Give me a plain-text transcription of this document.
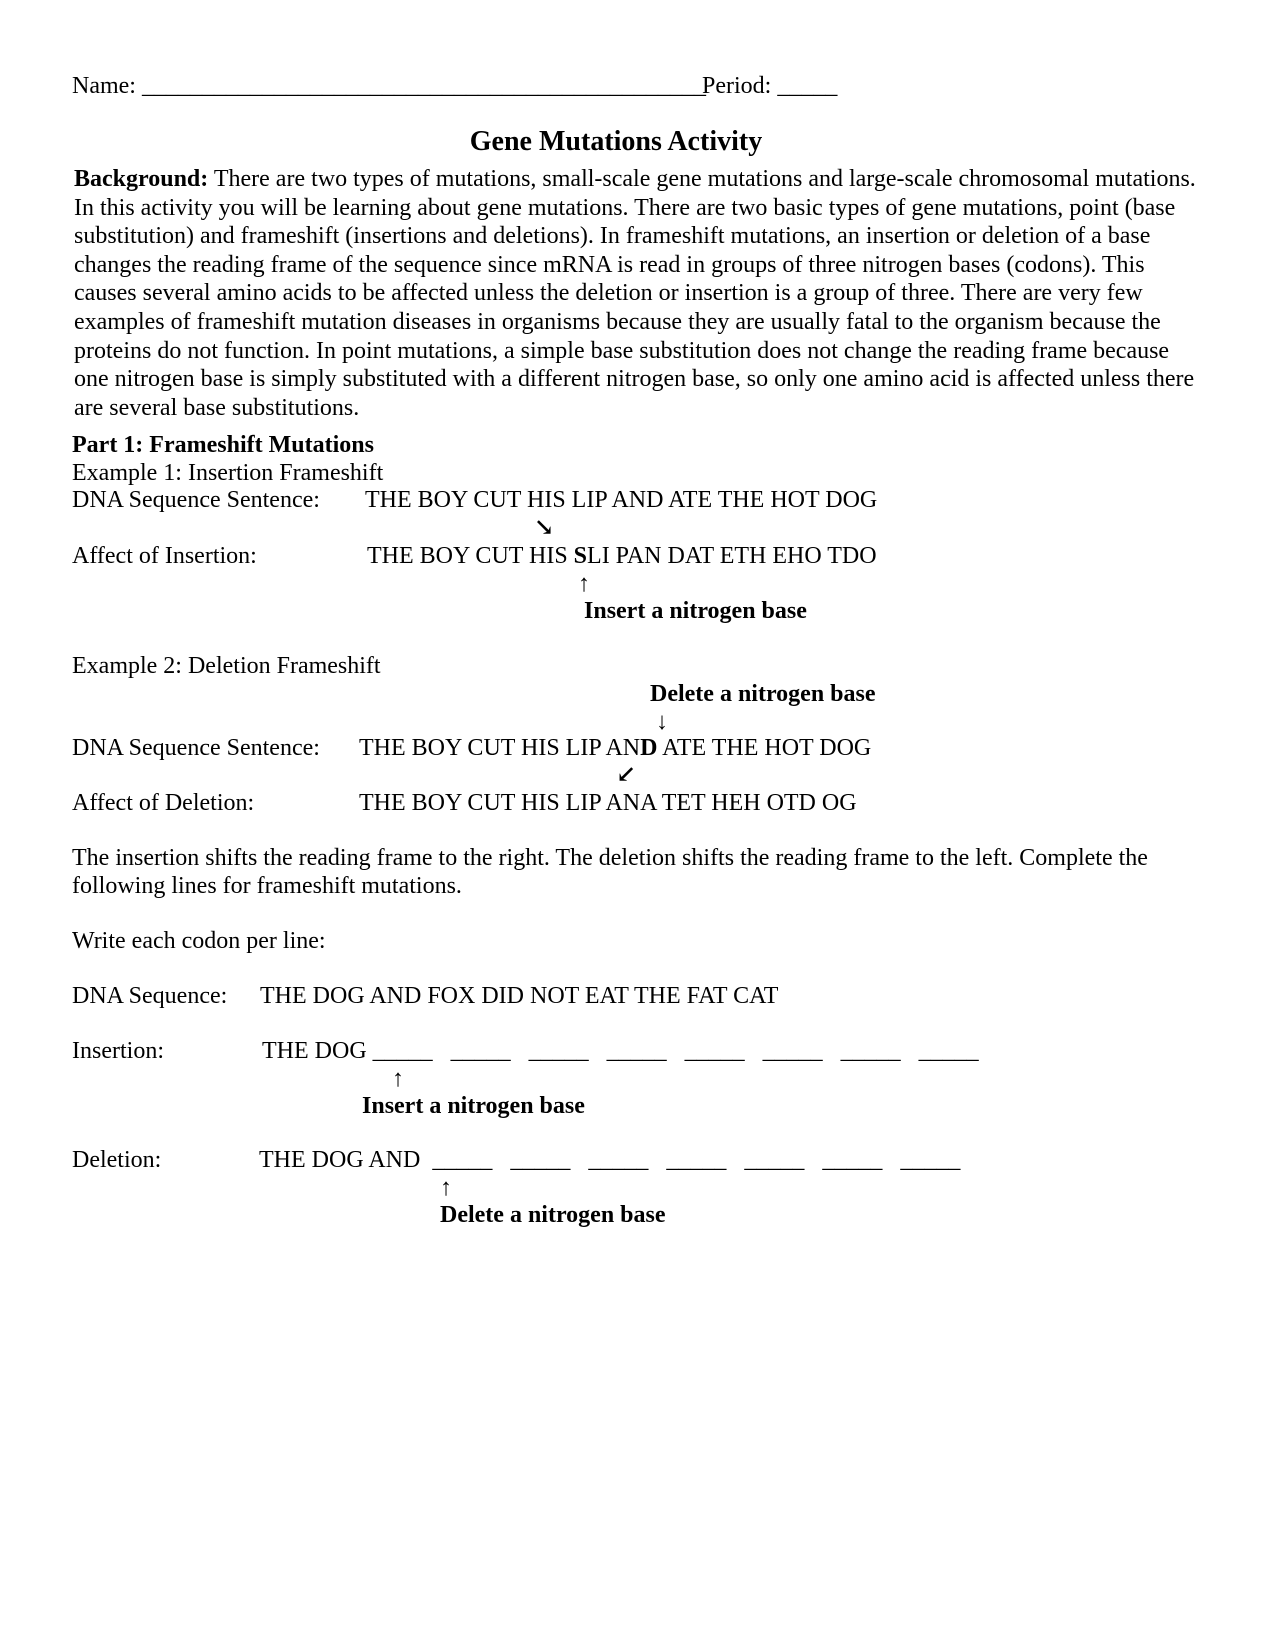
Name: _______________________________________________
Period: _____
Gene Mutations Activity
Background: There are two types of mutations, small-scale gene mutations and large-scale chromosomal mutations. In this activity you will be learning about gene mutations. There are two basic types of gene mutations, point (base substitution) and frameshift (insertions and deletions). In frameshift mutations, an insertion or deletion of a base changes the reading frame of the sequence since mRNA is read in groups of three nitrogen bases (codons). This causes several amino acids to be affected unless the deletion or insertion is a group of three. There are very few examples of frameshift mutation diseases in organisms because they are usually fatal to the organism because the proteins do not function. In point mutations, a simple base substitution does not change the reading frame because one nitrogen base is simply substituted with a different nitrogen base, so only one amino acid is affected unless there are several base substitutions.
Part 1: Frameshift Mutations
Example 1: Insertion Frameshift
DNA Sequence Sentence: THE BOY CUT HIS LIP AND ATE THE HOT DOG
↘
Affect of Insertion:	THE BOY CUT HIS SLI PAN DAT ETH EHO TDO
↑
Insert a nitrogen base
Example 2: Deletion Frameshift
Delete a nitrogen base
↓
DNA Sequence Sentence: THE BOY CUT HIS LIP AND ATE THE HOT DOG
↙
Affect of Deletion:	THE BOY CUT HIS LIP ANA TET HEH OTD OG
The insertion shifts the reading frame to the right. The deletion shifts the reading frame to the left. Complete the following lines for frameshift mutations.
Write each codon per line:
DNA Sequence: THE DOG AND FOX DID NOT EAT THE FAT CAT
Insertion:	THE DOG _____   _____   _____   _____   _____   _____   _____   _____
↑
Insert a nitrogen base
Deletion:	THE DOG AND  _____   _____   _____   _____   _____   _____   _____
↑
Delete a nitrogen base
